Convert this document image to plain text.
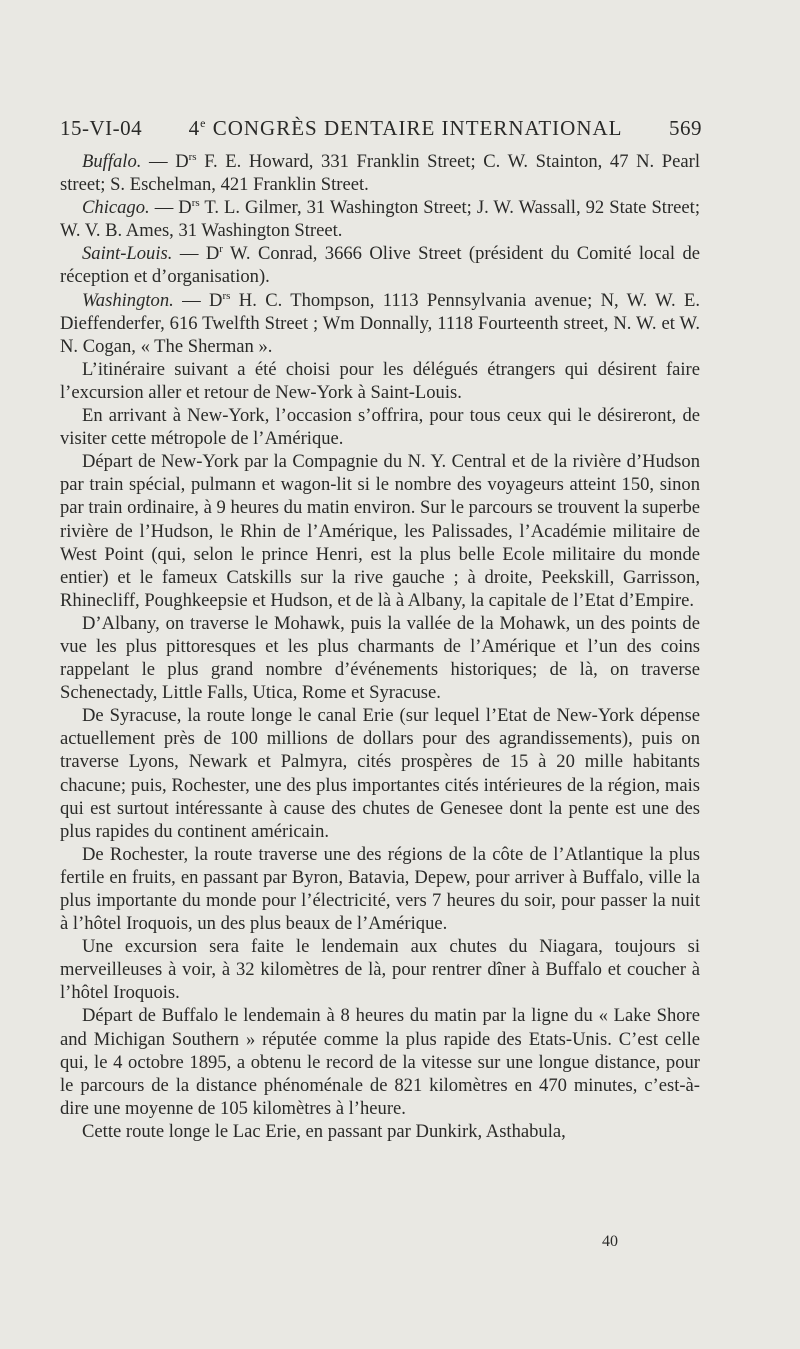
15-VI-04	4e CONGRÈS DENTAIRE INTERNATIONAL	569

Buffalo. — $D^{rs}$ F. E. Howard, 331 Franklin Street; C. W. Stainton, 47 N. Pearl street; S. Eschelman, 421 Franklin Street.

Chicago. — $D^{rs}$ T. L. Gilmer, 31 Washington Street; J. W. Wassall, 92 State Street; W. V. B. Ames, 31 Washington Street.

Saint-Louis. — $D^r$ W. Conrad, 3666 Olive Street (président du Comité local de réception et d’organisation).

Washington. — $D^{rs}$ H. C. Thompson, 1113 Pennsylvania avenue; N, W. W. E. Dieffenderfer, 616 Twelfth Street ; Wm Donnally, 1118 Fourteenth street, N. W. et W. N. Cogan, « The Sherman ».

L’itinéraire suivant a été choisi pour les délégués étrangers qui désirent faire l’excursion aller et retour de New-York à Saint-Louis.

En arrivant à New-York, l’occasion s’offrira, pour tous ceux qui le désireront, de visiter cette métropole de l’Amérique.

Départ de New-York par la Compagnie du N. Y. Central et de la rivière d’Hudson par train spécial, pulmann et wagon-lit si le nombre des voyageurs atteint 150, sinon par train ordinaire, à 9 heures du matin environ. Sur le parcours se trouvent la superbe rivière de l’Hudson, le Rhin de l’Amérique, les Palissades, l’Académie militaire de West Point (qui, selon le prince Henri, est la plus belle Ecole militaire du monde entier) et le fameux Catskills sur la rive gauche ; à droite, Peekskill, Garrisson, Rhinecliff, Poughkeepsie et Hudson, et de là à Albany, la capitale de l’Etat d’Empire.

D’Albany, on traverse le Mohawk, puis la vallée de la Mohawk, un des points de vue les plus pittoresques et les plus charmants de l’Amérique et l’un des coins rappelant le plus grand nombre d’événements historiques; de là, on traverse Schenectady, Little Falls, Utica, Rome et Syracuse.

De Syracuse, la route longe le canal Erie (sur lequel l’Etat de New-York dépense actuellement près de 100 millions de dollars pour des agrandissements), puis on traverse Lyons, Newark et Palmyra, cités prospères de 15 à 20 mille habitants chacune; puis, Rochester, une des plus importantes cités intérieures de la région, mais qui est surtout intéressante à cause des chutes de Genesee dont la pente est une des plus rapides du continent américain.

De Rochester, la route traverse une des régions de la côte de l’Atlantique la plus fertile en fruits, en passant par Byron, Batavia, Depew, pour arriver à Buffalo, ville la plus importante du monde pour l’électricité, vers 7 heures du soir, pour passer la nuit à l’hôtel Iroquois, un des plus beaux de l’Amérique.

Une excursion sera faite le lendemain aux chutes du Niagara, toujours si merveilleuses à voir, à 32 kilomètres de là, pour rentrer dîner à Buffalo et coucher à l’hôtel Iroquois.

Départ de Buffalo le lendemain à 8 heures du matin par la ligne du « Lake Shore and Michigan Southern » réputée comme la plus rapide des Etats-Unis. C’est celle qui, le 4 octobre 1895, a obtenu le record de la vitesse sur une longue distance, pour le parcours de la distance phénoménale de 821 kilomètres en 470 minutes, c’est-à-dire une moyenne de 105 kilomètres à l’heure.

Cette route longe le Lac Erie, en passant par Dunkirk, Asthabula,

40
